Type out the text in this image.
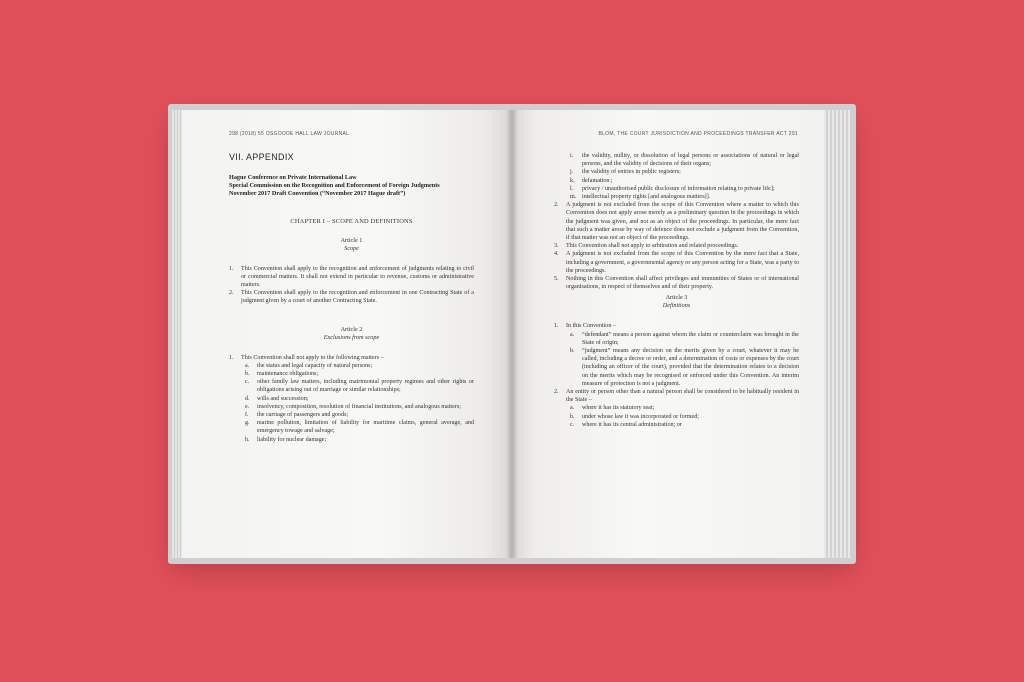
298 (2018) 55 OSGOODE HALL LAW JOURNAL
VII. APPENDIX
Hague Conference on Private International Law
Special Commission on the Recognition and Enforcement of Foreign Judgments
November 2017 Draft Convention (“November 2017 Hague draft”)
CHAPTER I – SCOPE AND DEFINITIONS
Article 1
Scope
1. This Convention shall apply to the recognition and enforcement of judgments relating to civil or commercial matters. It shall not extend in particular to revenue, customs or administrative matters.
2. This Convention shall apply to the recognition and enforcement in one Contracting State of a judgment given by a court of another Contracting State.
Article 2
Exclusions from scope
1. This Convention shall not apply to the following matters –
a. the status and legal capacity of natural persons;
b. maintenance obligations;
c. other family law matters, including matrimonial property regimes and other rights or obligations arising out of marriage or similar relationships;
d. wills and succession;
e. insolvency, composition, resolution of financial institutions, and analogous matters;
f. the carriage of passengers and goods;
g. marine pollution, limitation of liability for maritime claims, general average, and emergency towage and salvage;
h. liability for nuclear damage;
BLOM, THE COURT JURISDICTION AND PROCEEDINGS TRANSFER ACT 291
i. the validity, nullity, or dissolution of legal persons or associations of natural or legal persons, and the validity of decisions of their organs;
j. the validity of entries in public registers;
k. defamation ;
l. privacy / unauthorised public disclosure of information relating to private life];
m. intellectual property rights [and analogous matters]].
2. A judgment is not excluded from the scope of this Convention where a matter to which this Convention does not apply arose merely as a preliminary question in the proceedings in which the judgment was given, and not as an object of the proceedings. In particular, the mere fact that such a matter arose by way of defence does not exclude a judgment from the Convention, if that matter was not an object of the proceedings.
3. This Convention shall not apply to arbitration and related proceedings.
4. A judgment is not excluded from the scope of this Convention by the mere fact that a State, including a government, a governmental agency or any person acting for a State, was a party to the proceedings.
5. Nothing in this Convention shall affect privileges and immunities of States or of international organisations, in respect of themselves and of their property.
Article 3
Definitions
1. In this Convention –
a. “defendant” means a person against whom the claim or counterclaim was brought in the State of origin;
b. “judgment” means any decision on the merits given by a court, whatever it may be called, including a decree or order, and a determination of costs or expenses by the court (including an officer of the court), provided that the determination relates to a decision on the merits which may be recognised or enforced under this Convention. An interim measure of protection is not a judgment.
2. An entity or person other than a natural person shall be considered to be habitually resident in the State –
a. where it has its statutory seat;
b. under whose law it was incorporated or formed;
c. where it has its central administration; or
